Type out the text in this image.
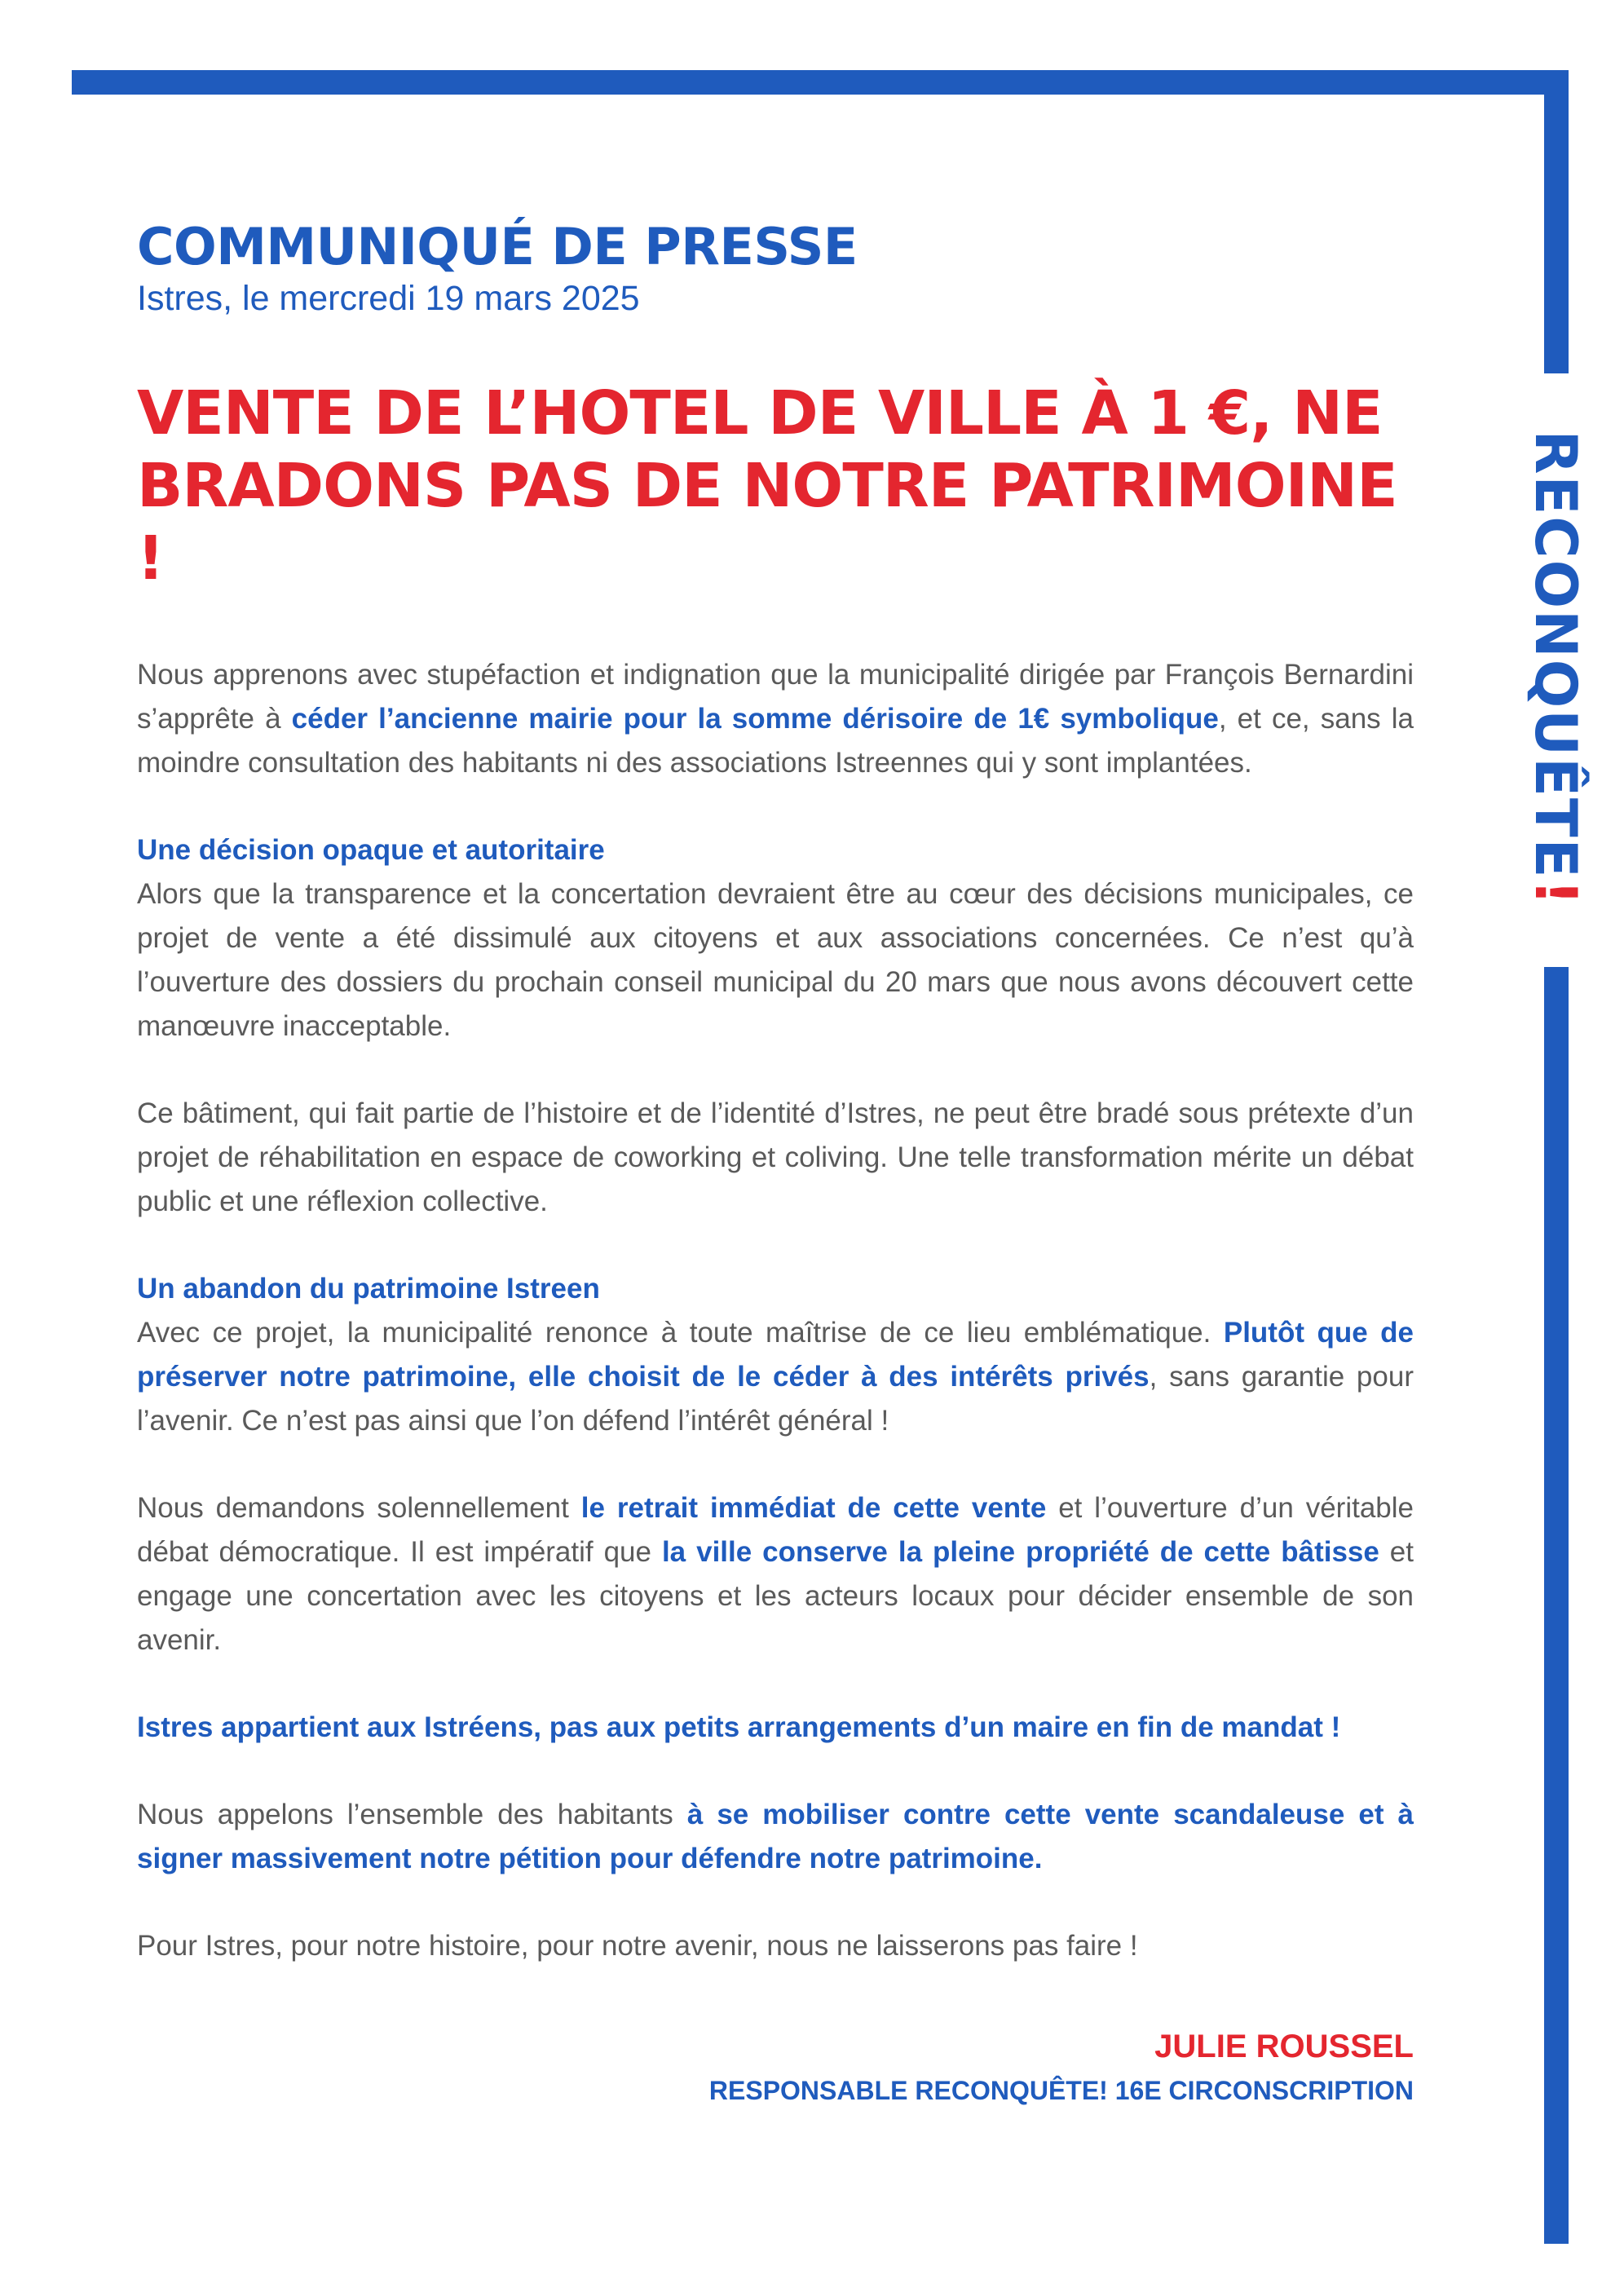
RECONQUÊTE!
COMMUNIQUÉ DE PRESSE
Istres, le mercredi 19 mars 2025
VENTE DE L’HOTEL DE VILLE À 1 €, NE BRADONS PAS DE NOTRE PATRIMOINE !

Nous apprenons avec stupéfaction et indignation que la municipalité dirigée par François Bernardini s’apprête à céder l’ancienne mairie pour la somme dérisoire de 1€ symbolique, et ce, sans la moindre consultation des habitants ni des associations Istreennes qui y sont implantées.

Une décision opaque et autoritaire

Alors que la transparence et la concertation devraient être au cœur des décisions municipales, ce projet de vente a été dissimulé aux citoyens et aux associations concernées. Ce n’est qu’à l’ouverture des dossiers du prochain conseil municipal du 20 mars que nous avons découvert cette manœuvre inacceptable.

Ce bâtiment, qui fait partie de l’histoire et de l’identité d’Istres, ne peut être bradé sous prétexte d’un projet de réhabilitation en espace de coworking et coliving. Une telle transformation mérite un débat public et une réflexion collective.

Un abandon du patrimoine Istreen

Avec ce projet, la municipalité renonce à toute maîtrise de ce lieu emblématique. Plutôt que de préserver notre patrimoine, elle choisit de le céder à des intérêts privés, sans garantie pour l’avenir. Ce n’est pas ainsi que l’on défend l’intérêt général !

Nous demandons solennellement le retrait immédiat de cette vente et l’ouverture d’un véritable débat démocratique. Il est impératif que la ville conserve la pleine propriété de cette bâtisse et engage une concertation avec les citoyens et les acteurs locaux pour décider ensemble de son avenir.

Istres appartient aux Istréens, pas aux petits arrangements d’un maire en fin de mandat !

Nous appelons l’ensemble des habitants à se mobiliser contre cette vente scandaleuse et à signer massivement notre pétition pour défendre notre patrimoine.

Pour Istres, pour notre histoire, pour notre avenir, nous ne laisserons pas faire !

JULIE ROUSSEL
RESPONSABLE RECONQUÊTE! 16E CIRCONSCRIPTION
